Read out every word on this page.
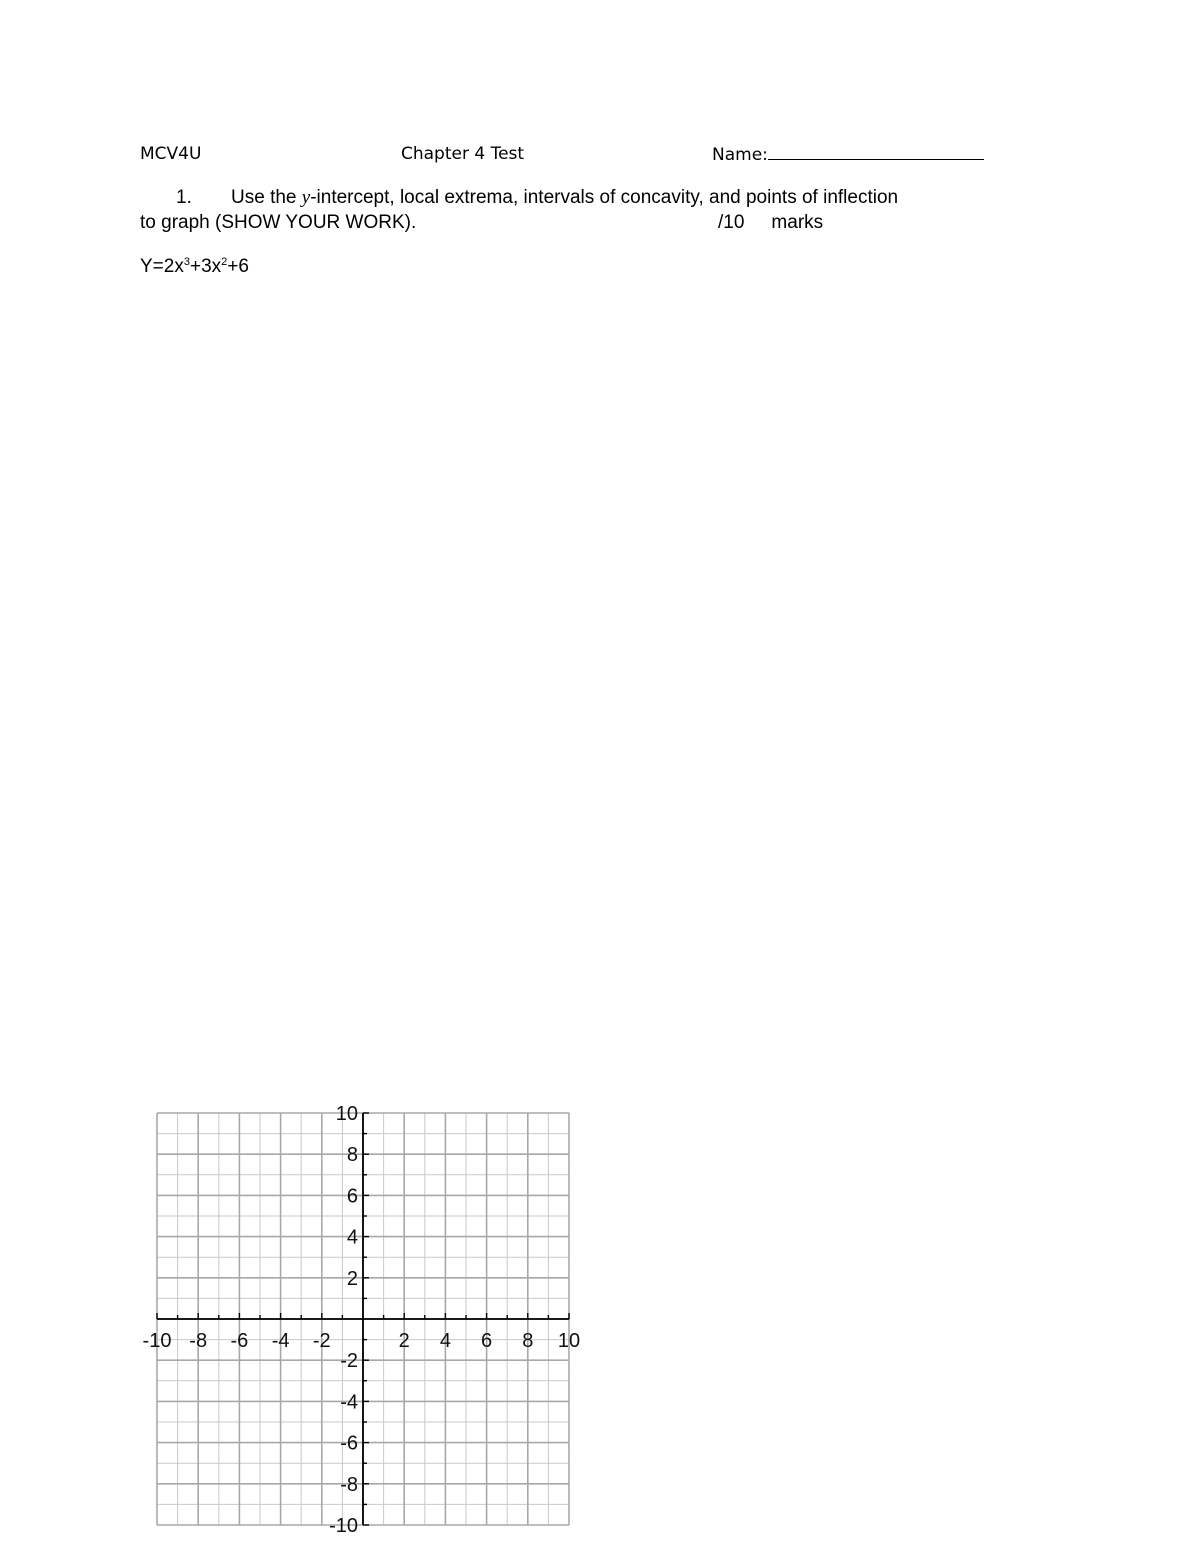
MCV4U	Chapter 4 Test	Name:
1. Use the y-intercept, local extrema, intervals of concavity, and points of inflection
to graph (SHOW YOUR WORK).	/10 marks
$Y=2x^3+3x^2+6$
-10 -8 -6 -4 -2	2 4 6 8 10
10
8
6
4
2
-2
-4
-6
-8
-10
